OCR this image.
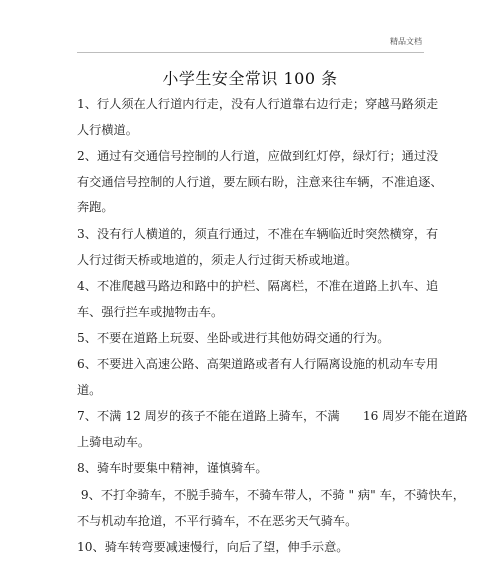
精品文档
小学生安全常识 100 条
1、行人须在人行道内行走，没有人行道靠右边行走；穿越马路须走
人行横道。
2、通过有交通信号控制的人行道，应做到红灯停，绿灯行；通过没
有交通信号控制的人行道，要左顾右盼，注意来往车辆，不准追逐、
奔跑。
3、没有行人横道的，须直行通过，不准在车辆临近时突然横穿，有
人行过街天桥或地道的，须走人行过街天桥或地道。
4、不准爬越马路边和路中的护栏、隔离栏，不准在道路上扒车、追
车、强行拦车或抛物击车。
5、不要在道路上玩耍、坐卧或进行其他妨碍交通的行为。
6、不要进入高速公路、高架道路或者有人行隔离设施的机动车专用
道。
7、不满 12 周岁的孩子不能在道路上骑车，不满      16 周岁不能在道路
上骑电动车。
8、骑车时要集中精神，谨慎骑车。
9、不打伞骑车，不脱手骑车，不骑车带人，不骑 " 病" 车，不骑快车，
不与机动车抢道，不平行骑车，不在恶劣天气骑车。
10、骑车转弯要减速慢行，向后了望，伸手示意。
